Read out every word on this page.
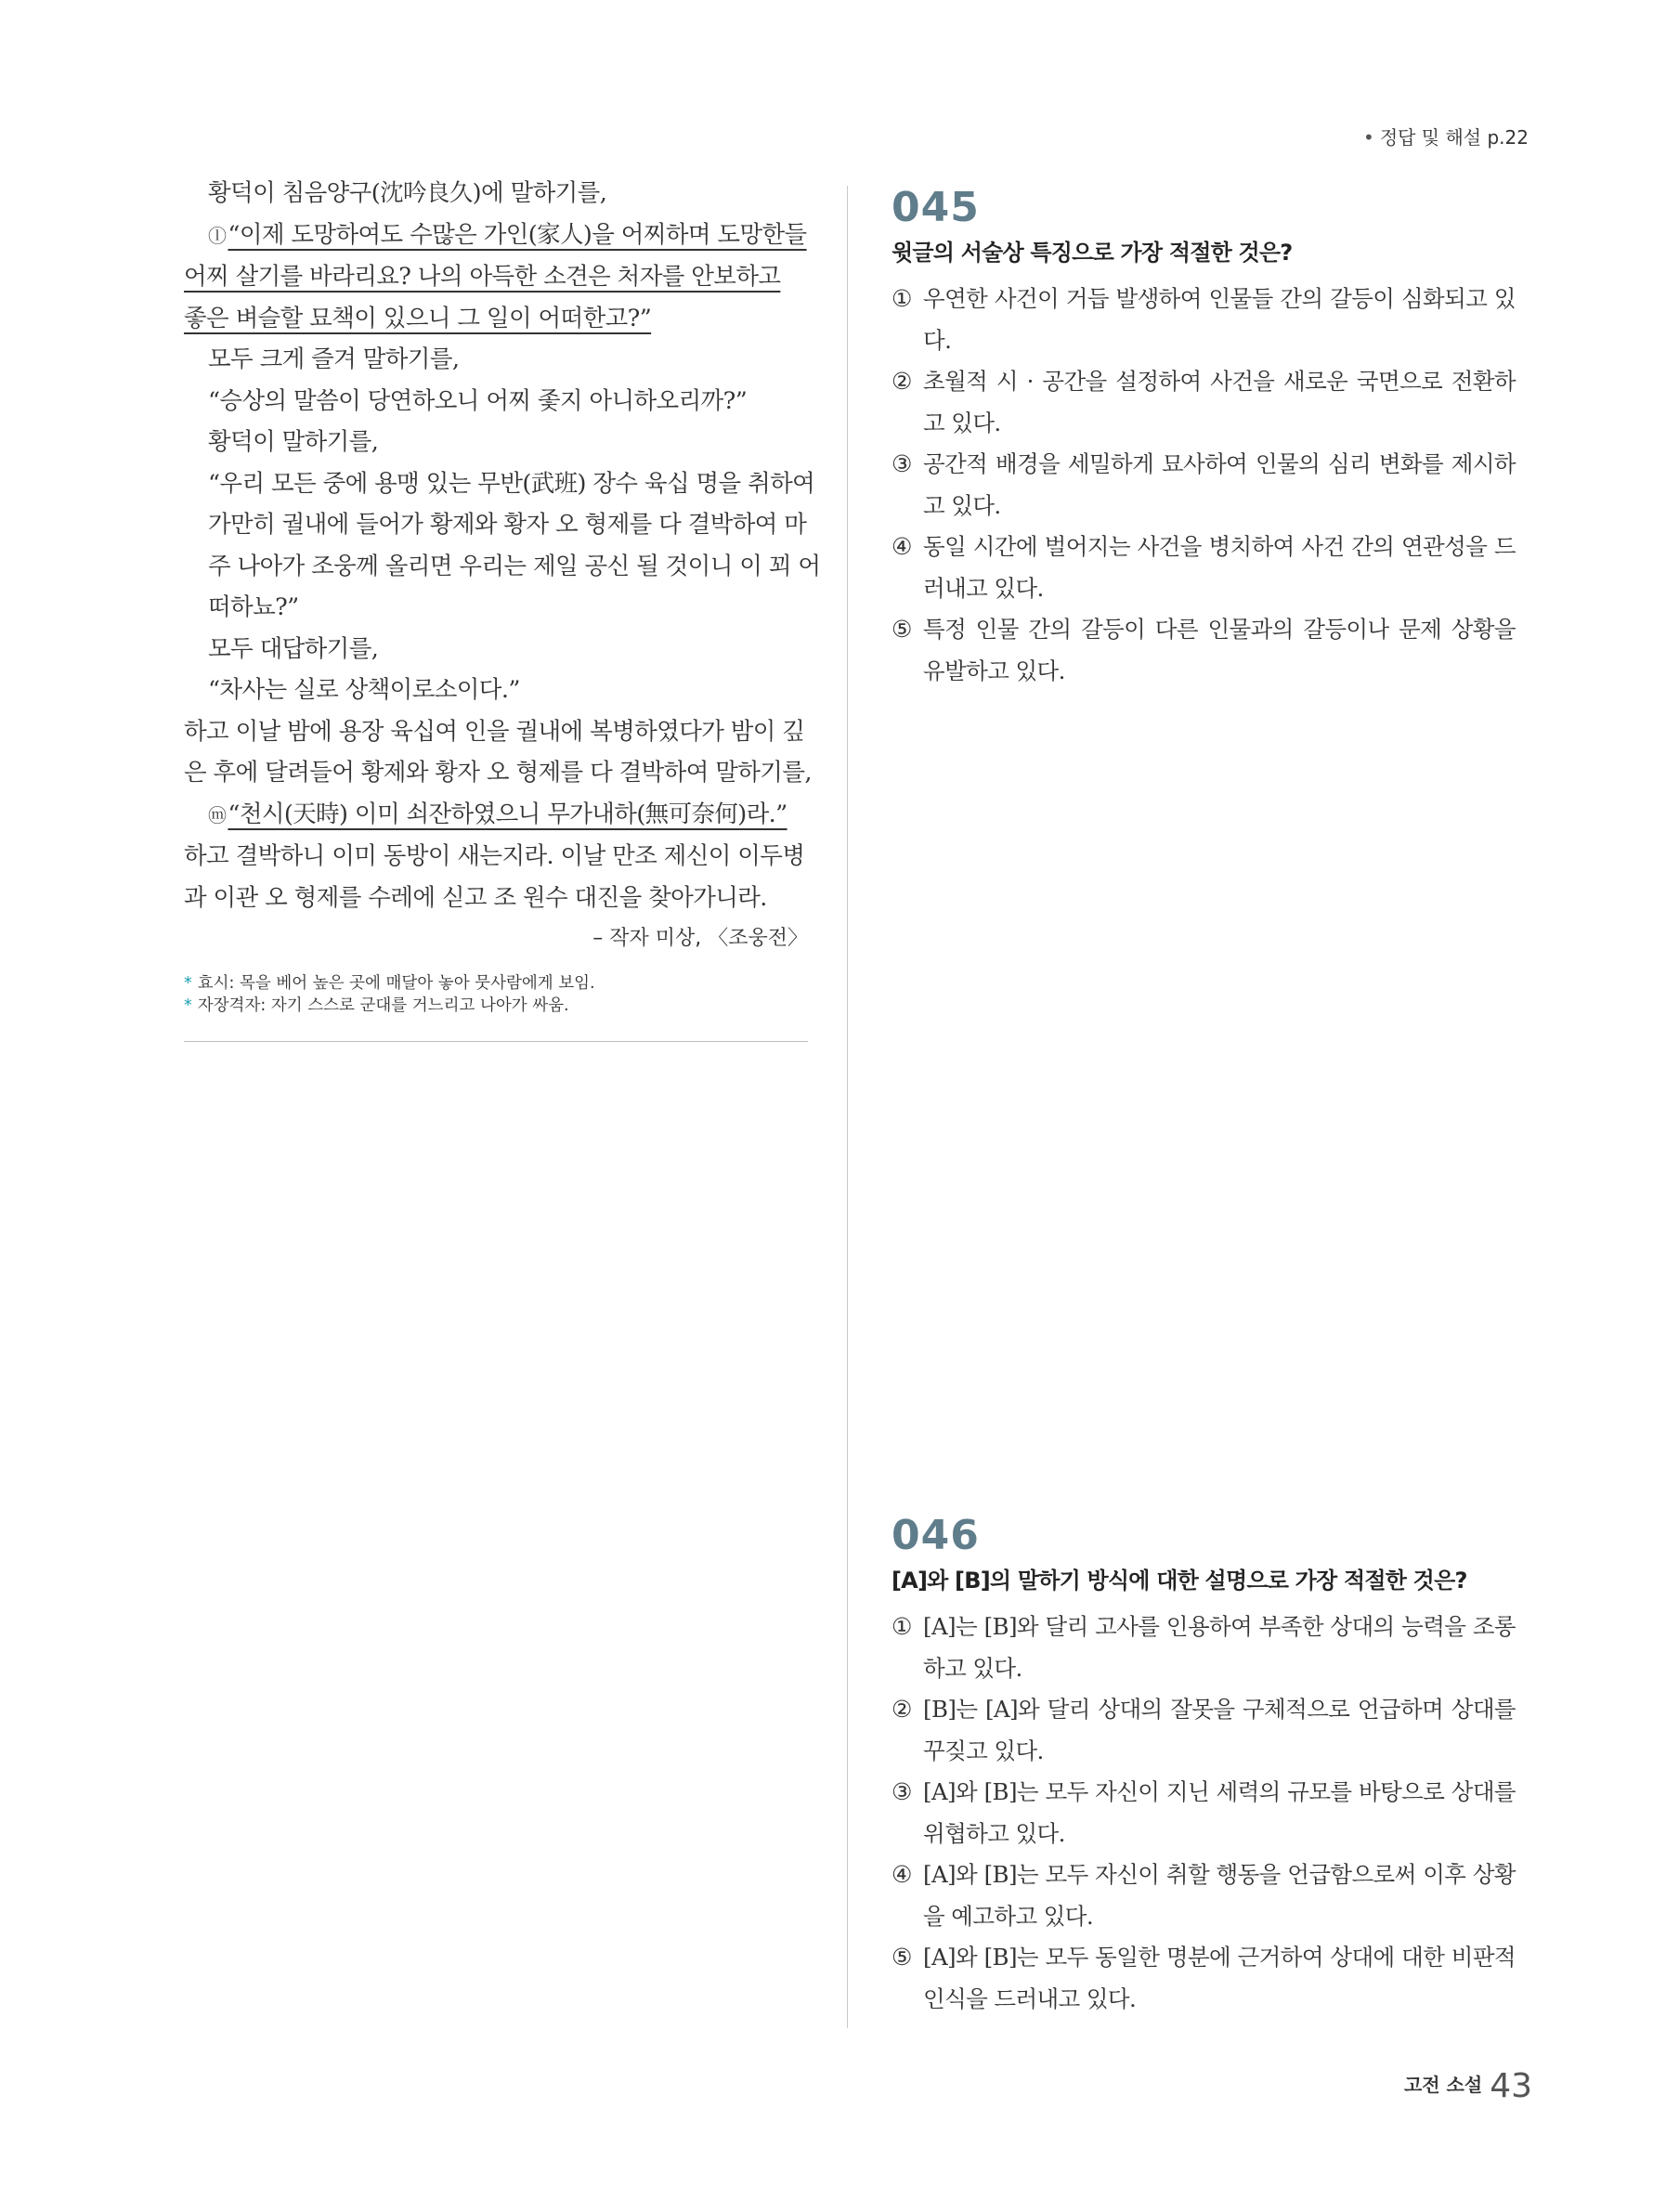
• 정답 및 해설 p.22
황덕이 침음양구(沈吟良久)에 말하기를,
ⓛ“이제 도망하여도 수많은 가인(家人)을 어찌하며 도망한들
어찌 살기를 바라리요? 나의 아득한 소견은 처자를 안보하고
좋은 벼슬할 묘책이 있으니 그 일이 어떠한고?”
모두 크게 즐겨 말하기를,
“승상의 말씀이 당연하오니 어찌 좇지 아니하오리까?”
황덕이 말하기를,
“우리 모든 중에 용맹 있는 무반(武班) 장수 육십 명을 취하여
가만히 궐내에 들어가 황제와 황자 오 형제를 다 결박하여 마
주 나아가 조웅께 올리면 우리는 제일 공신 될 것이니 이 꾀 어
떠하뇨?”
모두 대답하기를,
“차사는 실로 상책이로소이다.”
하고 이날 밤에 용장 육십여 인을 궐내에 복병하였다가 밤이 깊
은 후에 달려들어 황제와 황자 오 형제를 다 결박하여 말하기를,
ⓜ“천시(天時) 이미 쇠잔하였으니 무가내하(無可奈何)라.”
하고 결박하니 이미 동방이 새는지라. 이날 만조 제신이 이두병
과 이관 오 형제를 수레에 싣고 조 원수 대진을 찾아가니라.
– 작자 미상, 〈조웅전〉
* 효시: 목을 베어 높은 곳에 매달아 놓아 뭇사람에게 보임.
* 자장격자: 자기 스스로 군대를 거느리고 나아가 싸움.
045
윗글의 서술상 특징으로 가장 적절한 것은?
① 우연한 사건이 거듭 발생하여 인물들 간의 갈등이 심화되고 있다.
② 초월적 시 · 공간을 설정하여 사건을 새로운 국면으로 전환하고 있다.
③ 공간적 배경을 세밀하게 묘사하여 인물의 심리 변화를 제시하고 있다.
④ 동일 시간에 벌어지는 사건을 병치하여 사건 간의 연관성을 드러내고 있다.
⑤ 특정 인물 간의 갈등이 다른 인물과의 갈등이나 문제 상황을 유발하고 있다.
046
[A]와 [B]의 말하기 방식에 대한 설명으로 가장 적절한 것은?
① [A]는 [B]와 달리 고사를 인용하여 부족한 상대의 능력을 조롱하고 있다.
② [B]는 [A]와 달리 상대의 잘못을 구체적으로 언급하며 상대를 꾸짖고 있다.
③ [A]와 [B]는 모두 자신이 지닌 세력의 규모를 바탕으로 상대를 위협하고 있다.
④ [A]와 [B]는 모두 자신이 취할 행동을 언급함으로써 이후 상황을 예고하고 있다.
⑤ [A]와 [B]는 모두 동일한 명분에 근거하여 상대에 대한 비판적 인식을 드러내고 있다.
고전 소설 43
